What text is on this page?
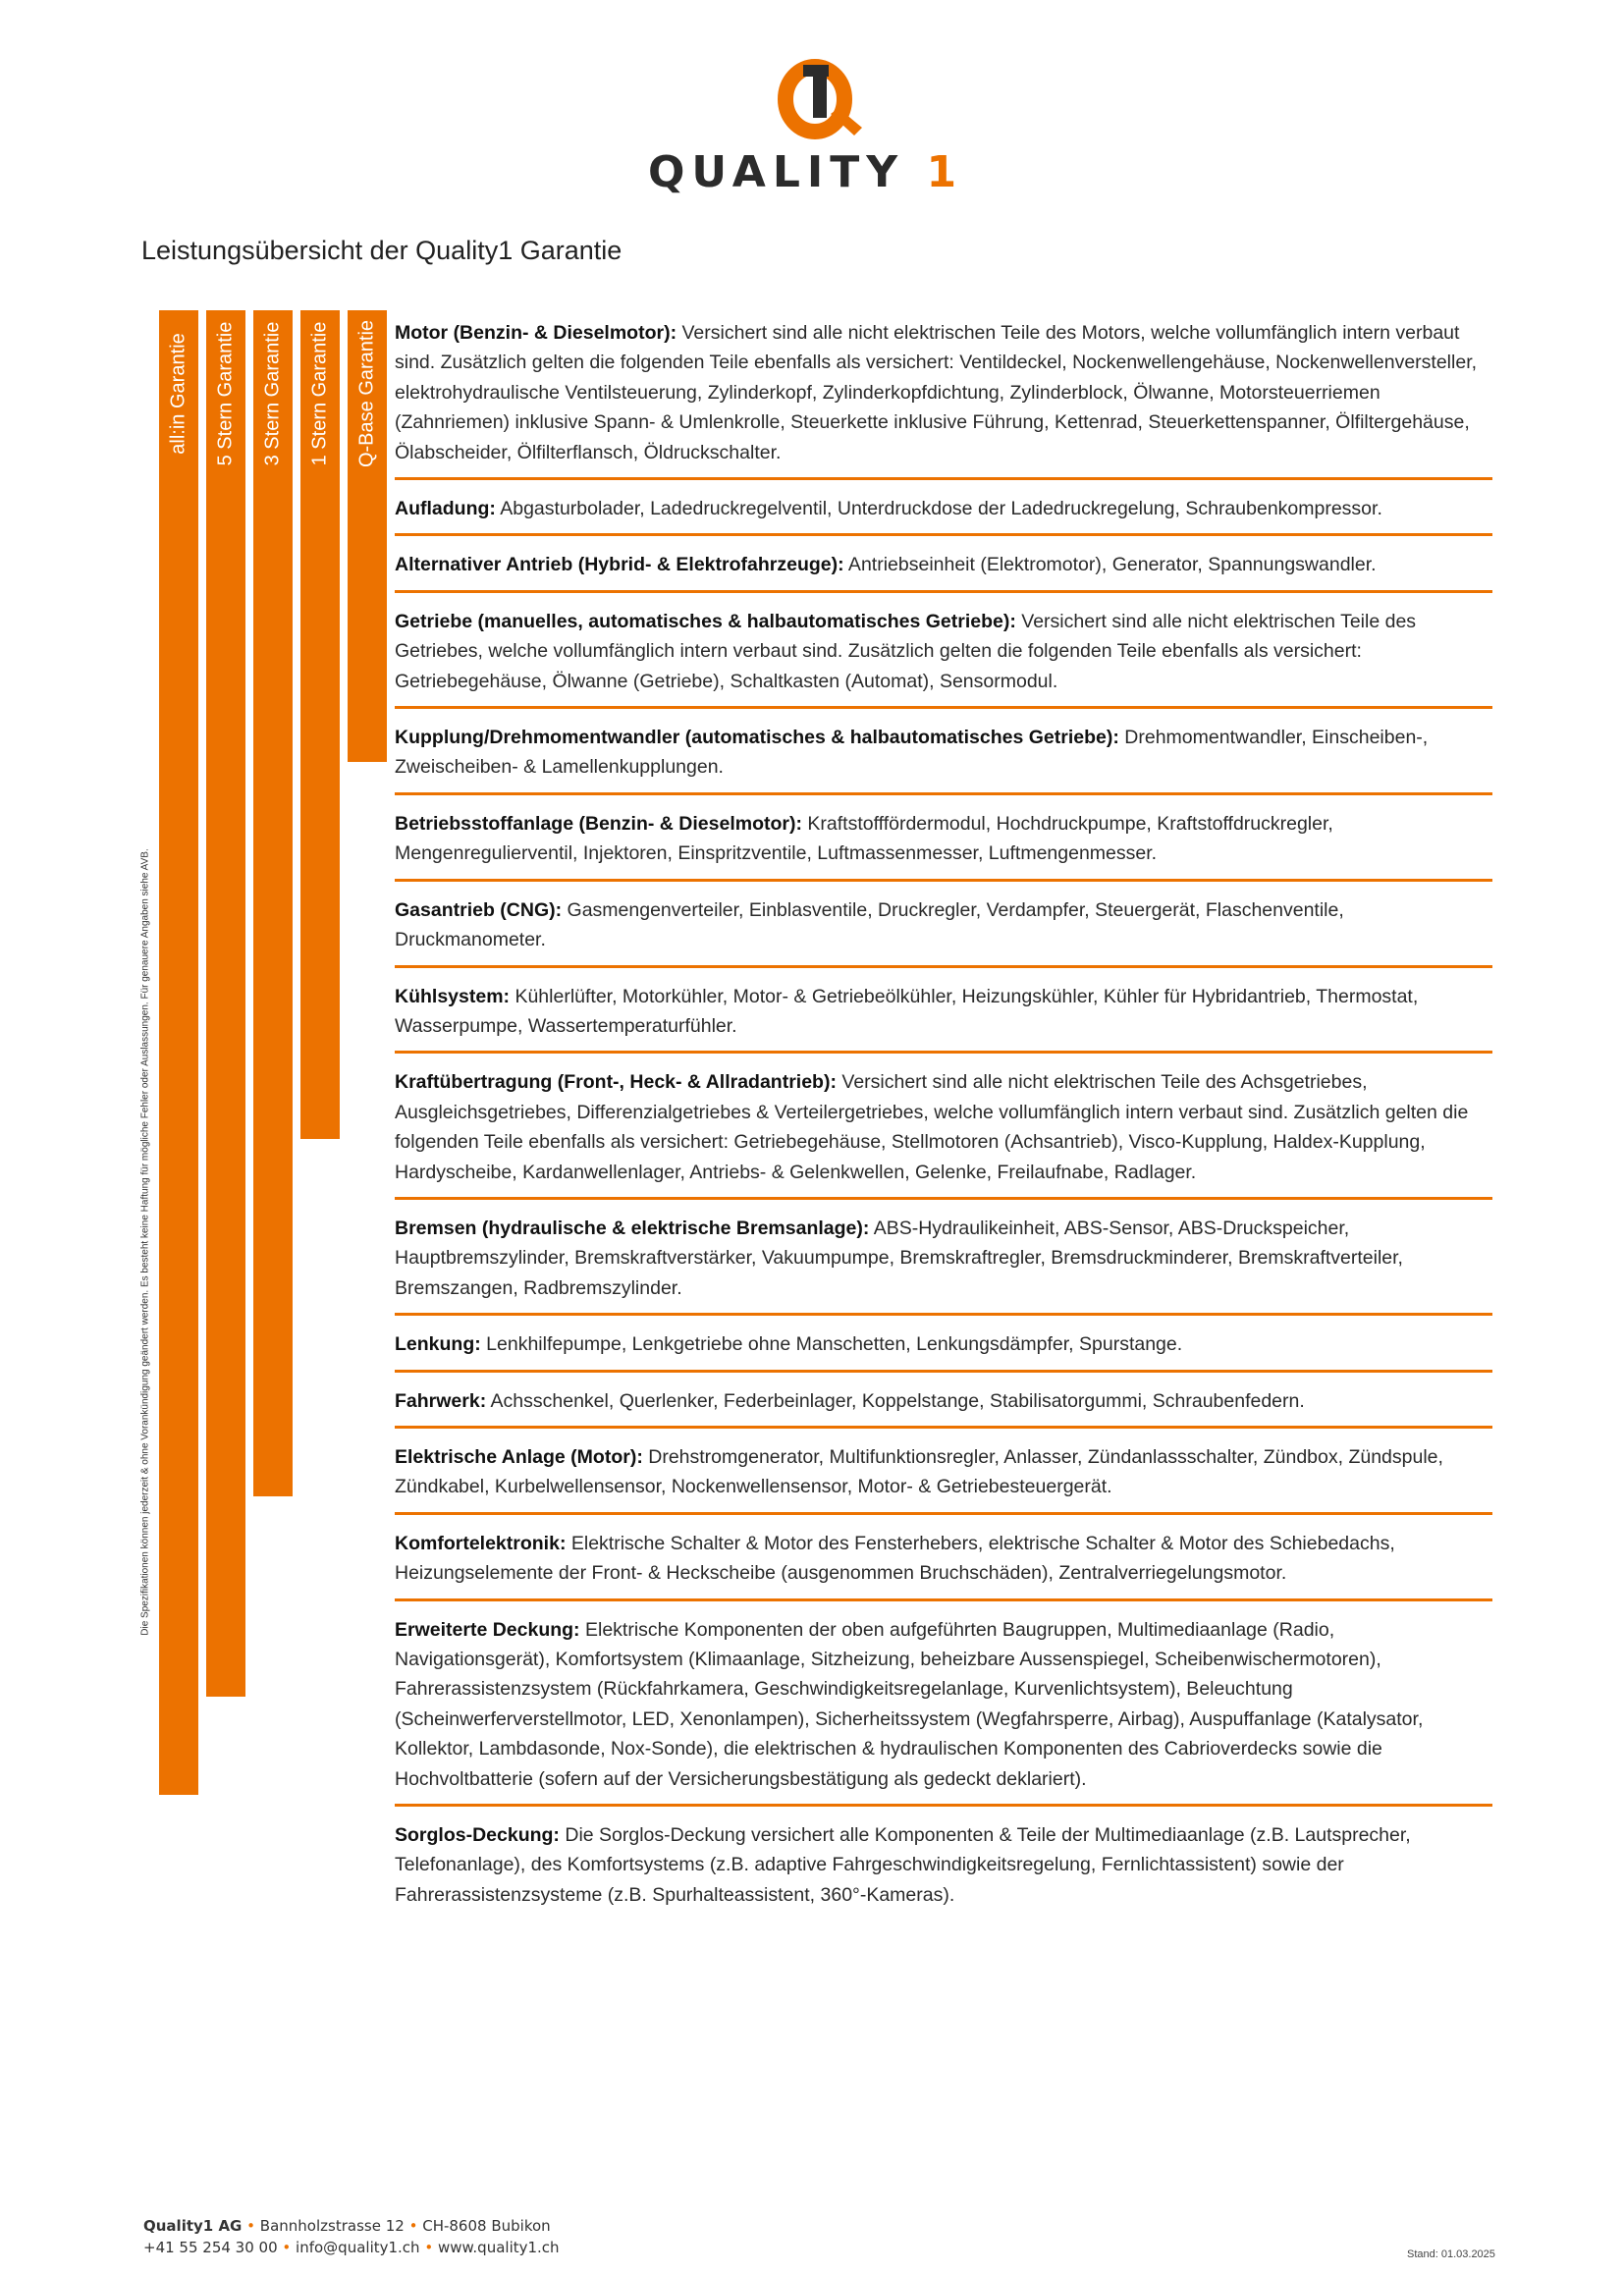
QUALITY 1
Leistungsübersicht der Quality1 Garantie
all:in Garantie 5 Stern Garantie 3 Stern Garantie 1 Stern Garantie Q-Base Garantie
Die Spezifikationen können jederzeit & ohne Vorankündigung geändert werden. Es besteht keine Haftung für mögliche Fehler oder Auslassungen. Für genauere Angaben siehe AVB.
Motor (Benzin- & Dieselmotor): Versichert sind alle nicht elektrischen Teile des Motors, welche vollumfänglich intern verbaut sind. Zusätzlich gelten die folgenden Teile ebenfalls als versichert: Ventildeckel, Nockenwellengehäuse, Nockenwellenversteller, elektrohydraulische Ventilsteuerung, Zylinderkopf, Zylinderkopfdichtung, Zylinderblock, Ölwanne, Motorsteuerriemen (Zahnriemen) inklusive Spann- & Umlenkrolle, Steuerkette inklusive Führung, Kettenrad, Steuerkettenspanner, Ölfiltergehäuse, Ölabscheider, Ölfilterflansch, Öldruckschalter.
Aufladung: Abgasturbolader, Ladedruckregelventil, Unterdruckdose der Ladedruckregelung, Schraubenkompressor.
Alternativer Antrieb (Hybrid- & Elektrofahrzeuge): Antriebseinheit (Elektromotor), Generator, Spannungswandler.
Getriebe (manuelles, automatisches & halbautomatisches Getriebe): Versichert sind alle nicht elektrischen Teile des Getriebes, welche vollumfänglich intern verbaut sind. Zusätzlich gelten die folgenden Teile ebenfalls als versichert: Getriebegehäuse, Ölwanne (Getriebe), Schaltkasten (Automat), Sensormodul.
Kupplung/Drehmomentwandler (automatisches & halbautomatisches Getriebe): Drehmomentwandler, Einscheiben-, Zweischeiben- & Lamellenkupplungen.
Betriebsstoffanlage (Benzin- & Dieselmotor): Kraftstofffördermodul, Hochdruckpumpe, Kraftstoffdruckregler, Mengenregulierventil, Injektoren, Einspritzventile, Luftmassenmesser, Luftmengenmesser.
Gasantrieb (CNG): Gasmengenverteiler, Einblasventile, Druckregler, Verdampfer, Steuergerät, Flaschenventile, Druckmanometer.
Kühlsystem: Kühlerlüfter, Motorkühler, Motor- & Getriebeölkühler, Heizungskühler, Kühler für Hybridantrieb, Thermostat, Wasserpumpe, Wassertemperaturfühler.
Kraftübertragung (Front-, Heck- & Allradantrieb): Versichert sind alle nicht elektrischen Teile des Achsgetriebes, Ausgleichsgetriebes, Differenzialgetriebes & Verteilergetriebes, welche vollumfänglich intern verbaut sind. Zusätzlich gelten die folgenden Teile ebenfalls als versichert: Getriebegehäuse, Stellmotoren (Achsantrieb), Visco-Kupplung, Haldex-Kupplung, Hardyscheibe, Kardanwellenlager, Antriebs- & Gelenkwellen, Gelenke, Freilaufnabe, Radlager.
Bremsen (hydraulische & elektrische Bremsanlage): ABS-Hydraulikeinheit, ABS-Sensor, ABS-Druckspeicher, Hauptbremszylinder, Bremskraftverstärker, Vakuumpumpe, Bremskraftregler, Bremsdruckminderer, Bremskraftverteiler, Bremszangen, Radbremszylinder.
Lenkung: Lenkhilfepumpe, Lenkgetriebe ohne Manschetten, Lenkungsdämpfer, Spurstange.
Fahrwerk: Achsschenkel, Querlenker, Federbeinlager, Koppelstange, Stabilisatorgummi, Schraubenfedern.
Elektrische Anlage (Motor): Drehstromgenerator, Multifunktionsregler, Anlasser, Zündanlassschalter, Zündbox, Zündspule, Zündkabel, Kurbelwellensensor, Nockenwellensensor, Motor- & Getriebesteuergerät.
Komfortelektronik: Elektrische Schalter & Motor des Fensterhebers, elektrische Schalter & Motor des Schiebedachs, Heizungselemente der Front- & Heckscheibe (ausgenommen Bruchschäden), Zentralverriegelungsmotor.
Erweiterte Deckung: Elektrische Komponenten der oben aufgeführten Baugruppen, Multimediaanlage (Radio, Navigationsgerät), Komfortsystem (Klimaanlage, Sitzheizung, beheizbare Aussenspiegel, Scheibenwischermotoren), Fahrerassistenzsystem (Rückfahrkamera, Geschwindigkeitsregelanlage, Kurvenlichtsystem), Beleuchtung (Scheinwerferverstellmotor, LED, Xenonlampen), Sicherheitssystem (Wegfahrsperre, Airbag), Auspuffanlage (Katalysator, Kollektor, Lambdasonde, Nox-Sonde), die elektrischen & hydraulischen Komponenten des Cabrioverdecks sowie die Hochvoltbatterie (sofern auf der Versicherungsbestätigung als gedeckt deklariert).
Sorglos-Deckung: Die Sorglos-Deckung versichert alle Komponenten & Teile der Multimediaanlage (z.B. Lautsprecher, Telefonanlage), des Komfortsystems (z.B. adaptive Fahrgeschwindigkeitsregelung, Fernlichtassistent) sowie der Fahrerassistenzsysteme (z.B. Spurhalteassistent, 360°-Kameras).
Quality1 AG • Bannholzstrasse 12 • CH-8608 Bubikon
+41 55 254 30 00 • info@quality1.ch • www.quality1.ch	Stand: 01.03.2025
